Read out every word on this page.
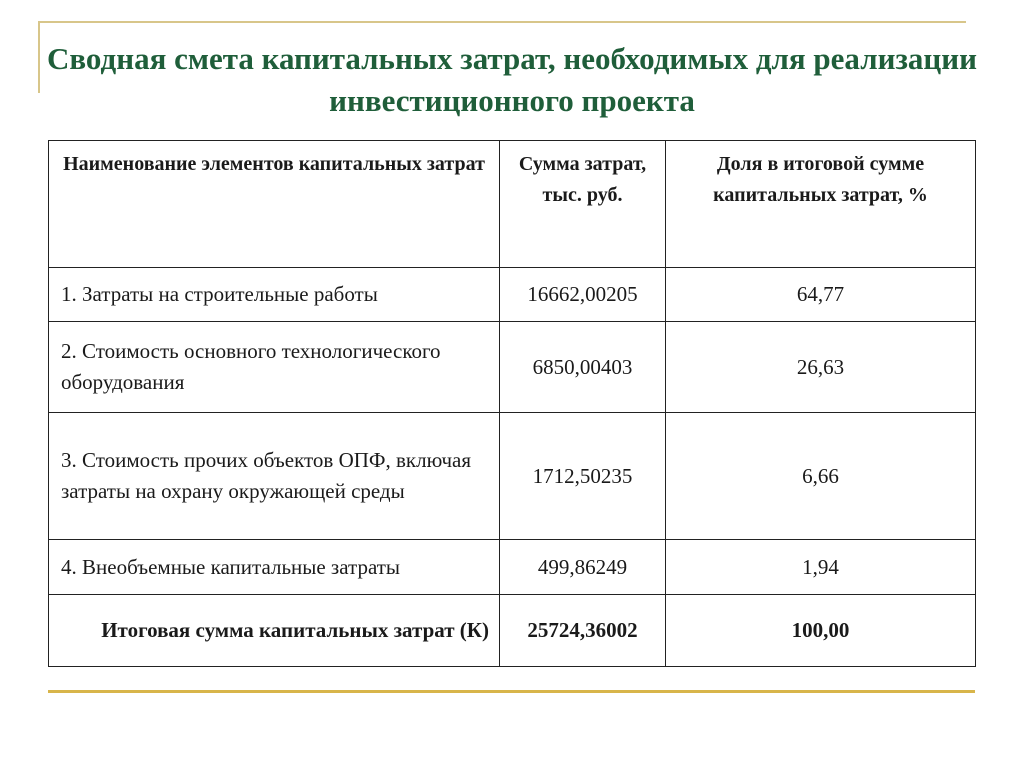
Сводная смета капитальных затрат, необходимых для реализации инвестиционного проекта
Наименование элементов капитальных затрат	Сумма затрат, тыс. руб.	Доля в итоговой сумме капитальных затрат, %
1. Затраты на строительные работы	16662,00205	64,77
2. Стоимость основного технологического оборудования	6850,00403	26,63
3. Стоимость прочих объектов ОПФ, включая затраты на охрану окружающей среды	1712,50235	6,66
4. Внеобъемные капитальные затраты	499,86249	1,94
Итоговая сумма капитальных затрат (К)	25724,36002	100,00
